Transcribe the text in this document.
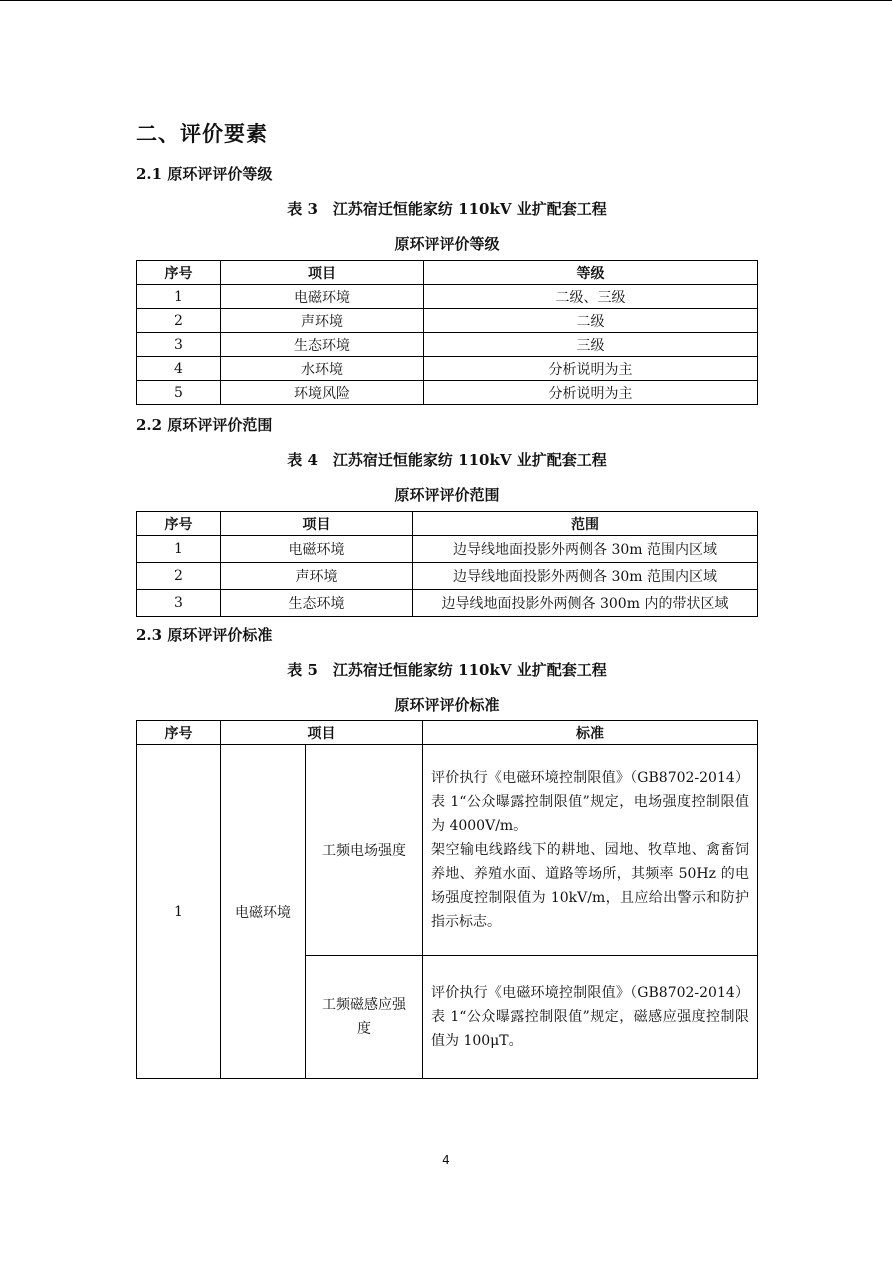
二、评价要素
2.1 原环评评价等级
表 3　江苏宿迁恒能家纺 110kV 业扩配套工程
原环评评价等级
序号	项目	等级
1	电磁环境	二级、三级
2	声环境	二级
3	生态环境	三级
4	水环境	分析说明为主
5	环境风险	分析说明为主
2.2 原环评评价范围
表 4　江苏宿迁恒能家纺 110kV 业扩配套工程
原环评评价范围
序号	项目	范围
1	电磁环境	边导线地面投影外两侧各 30m 范围内区域
2	声环境	边导线地面投影外两侧各 30m 范围内区域
3	生态环境	边导线地面投影外两侧各 300m 内的带状区域
2.3 原环评评价标准
表 5　江苏宿迁恒能家纺 110kV 业扩配套工程
原环评评价标准
序号	项目		标准
1	电磁环境	工频电场强度	评价执行《电磁环境控制限值》（GB8702-2014）表 1“公众曝露控制限值”规定，电场强度控制限值为 4000V/m。
架空输电线路线下的耕地、园地、牧草地、禽畜饲养地、养殖水面、道路等场所，其频率 50Hz 的电场强度控制限值为 10kV/m，且应给出警示和防护指示标志。

		工频磁感应强度	评价执行《电磁环境控制限值》（GB8702-2014）表 1“公众曝露控制限值”规定，磁感应强度控制限值为 100μT。
4
